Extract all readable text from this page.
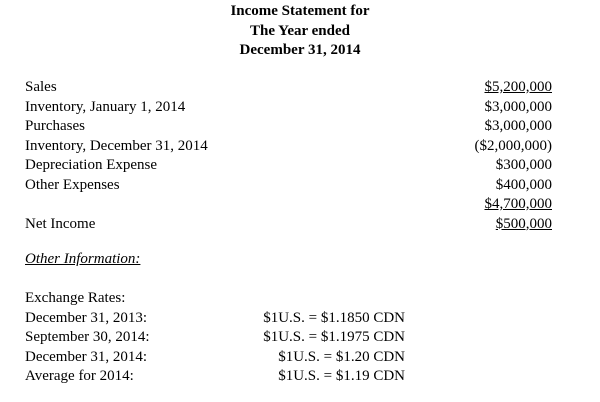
Income Statement for
The Year ended
December 31, 2014
Sales	$5,200,000
Inventory, January 1, 2014	$3,000,000
Purchases	$3,000,000
Inventory, December 31, 2014	($2,000,000)
Depreciation Expense	$300,000
Other Expenses	$400,000
$4,700,000
Net Income	$500,000
Other Information:
Exchange Rates:
December 31, 2013:	$1U.S. = $1.1850 CDN
September 30, 2014:	$1U.S. = $1.1975 CDN
December 31, 2014:	$1U.S. = $1.20 CDN
Average for 2014:	$1U.S. = $1.19 CDN
